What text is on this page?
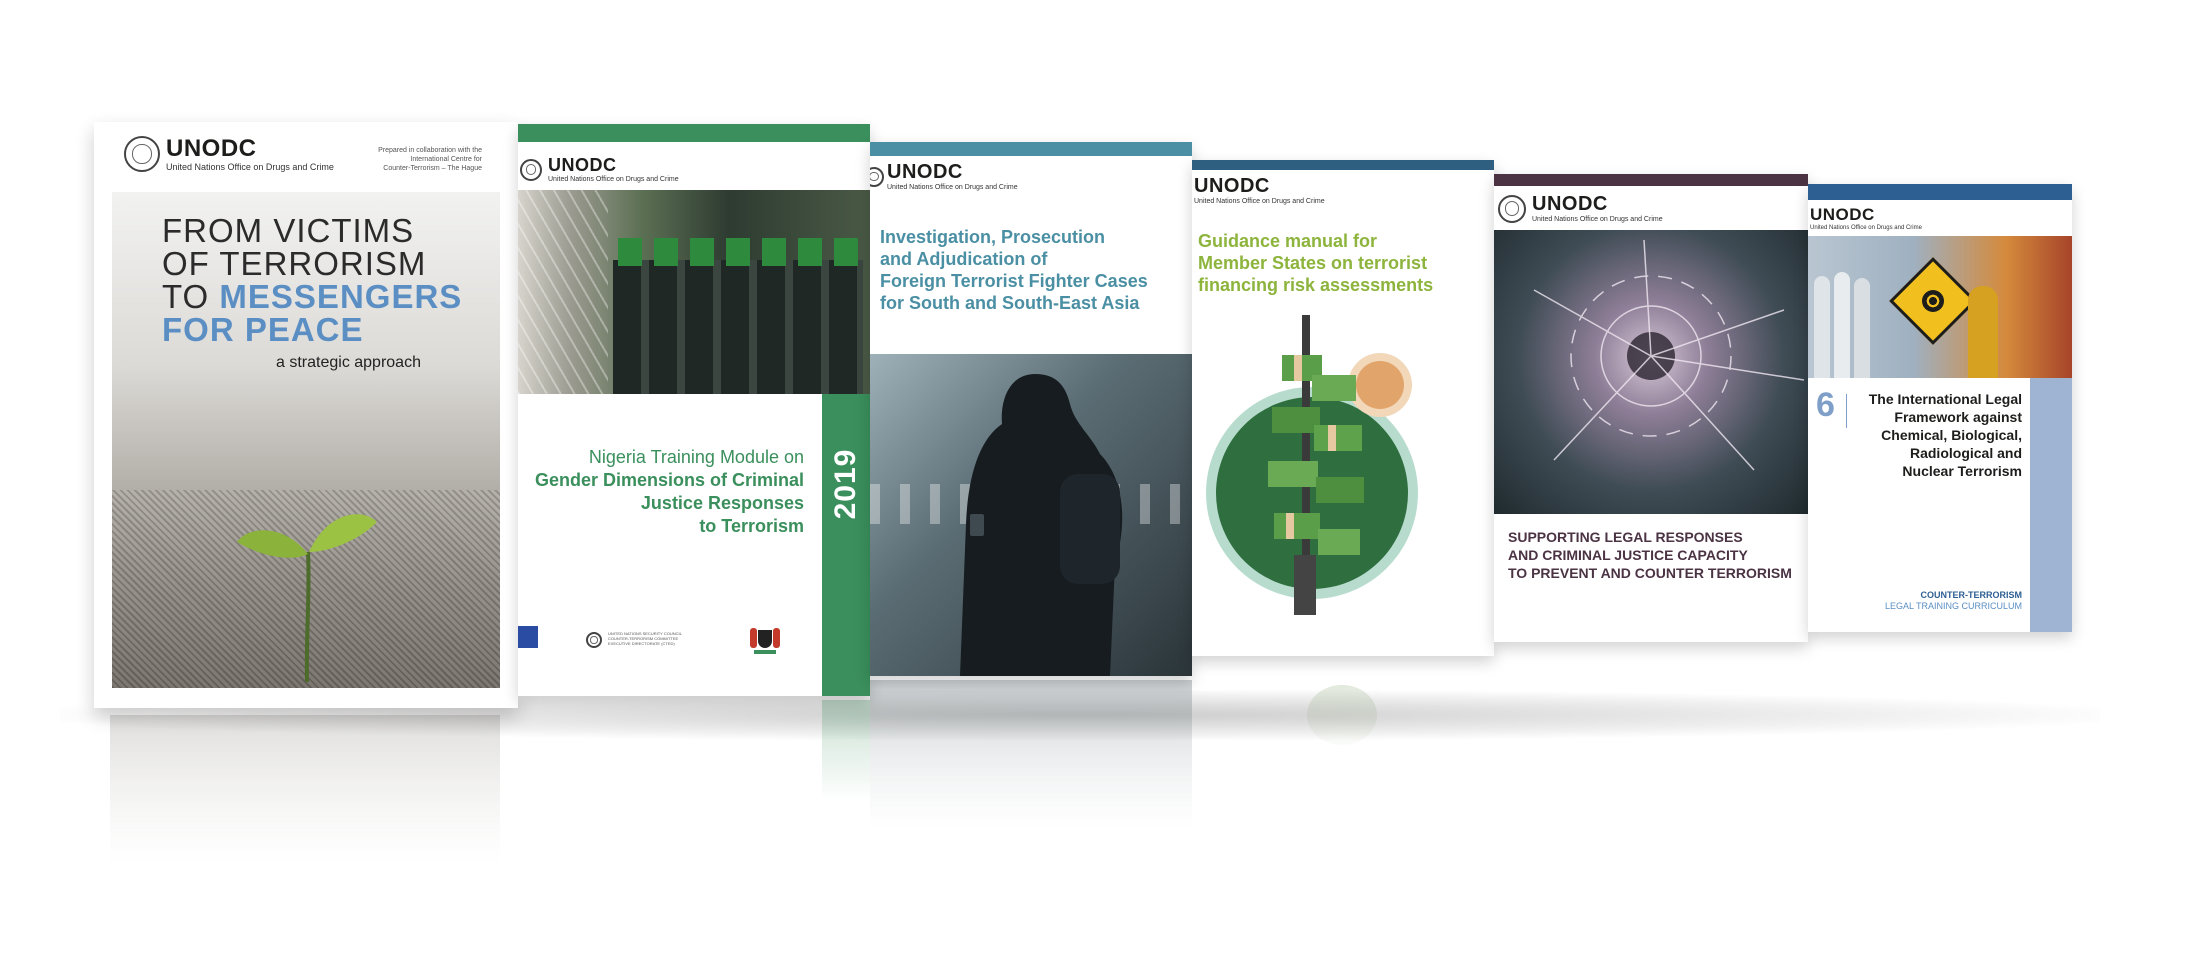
UNODC
United Nations Office on Drugs and Crime
Prepared in collaboration with the
International Centre for
Counter-Terrorism – The Hague
FROM VICTIMS
OF TERRORISM
TO MESSENGERS
FOR PEACE
a strategic approach
UNODC
United Nations Office on Drugs and Crime
2019
Nigeria Training Module on
Gender Dimensions of Criminal
Justice Responses
to Terrorism
UNITED NATIONS SECURITY COUNCIL
COUNTER-TERRORISM COMMITTEE
EXECUTIVE DIRECTORATE (CTED)
UNODC
United Nations Office on Drugs and Crime
Investigation, Prosecution
and Adjudication of
Foreign Terrorist Fighter Cases
for South and South-East Asia
UNODC
United Nations Office on Drugs and Crime
Guidance manual for
Member States on terrorist
financing risk assessments
UNODC
United Nations Office on Drugs and Crime
SUPPORTING LEGAL RESPONSES
AND CRIMINAL JUSTICE CAPACITY
TO PREVENT AND COUNTER TERRORISM
UNODC
United Nations Office on Drugs and Crime
6 The International Legal
Framework against
Chemical, Biological,
Radiological and
Nuclear Terrorism
COUNTER-TERRORISM
LEGAL TRAINING CURRICULUM
